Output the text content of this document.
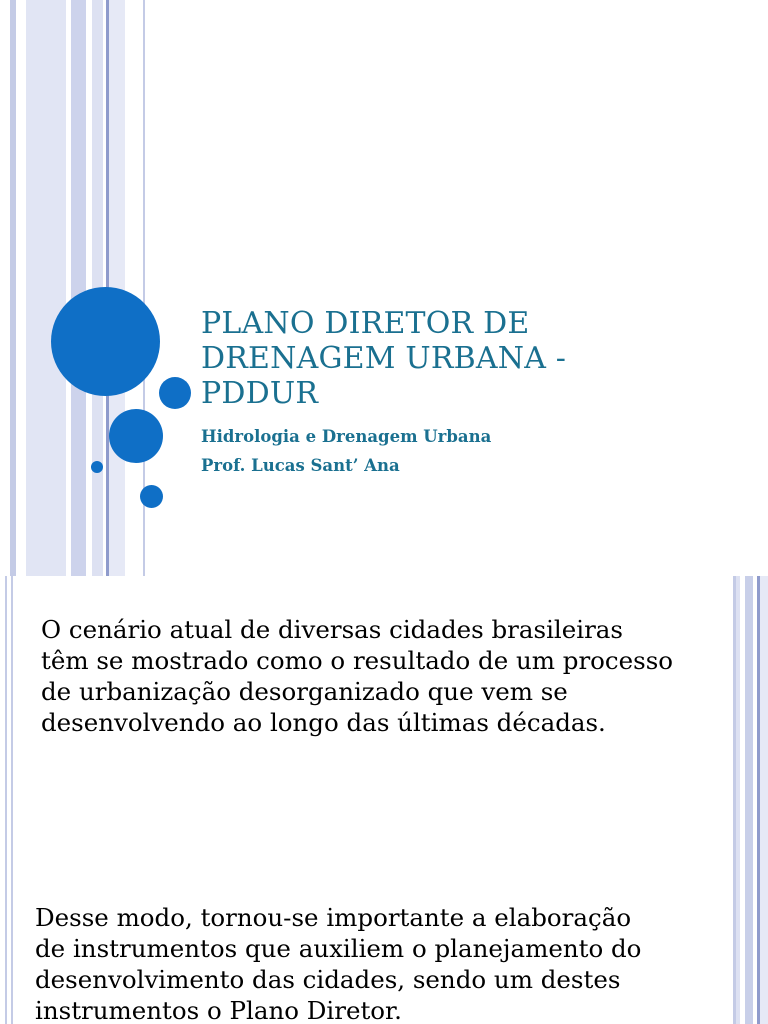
PLANO DIRETOR DE
DRENAGEM URBANA -
PDDUR

Hidrologia e Drenagem Urbana

Prof. Lucas Sant’ Ana

O cenário atual de diversas cidades brasileiras
têm se mostrado como o resultado de um processo
de urbanização desorganizado que vem se
desenvolvendo ao longo das últimas décadas.
Desse modo, tornou-se importante a elaboração
de instrumentos que auxiliem o planejamento do
desenvolvimento das cidades, sendo um destes
instrumentos o Plano Diretor.
